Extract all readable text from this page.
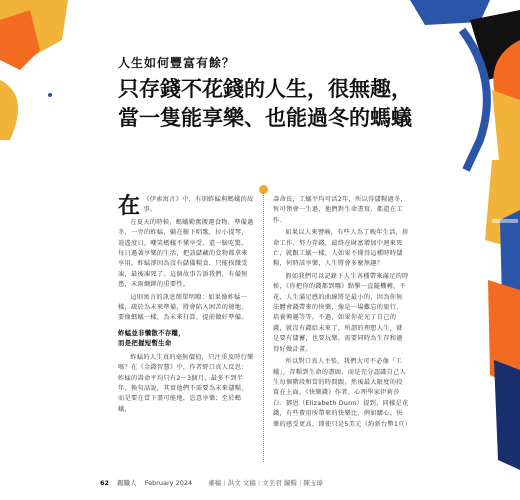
人生如何豐富有餘？
只存錢不花錢的人生，很無趣，
當一隻能享樂、也能過冬的螞蟻

在 《伊索寓言》中，有則蚱蜢與螞蟻的故事。

在夏天的時候，螞蟻勤奮搬運食物，準備過冬，一旁的蚱蜢，躺在樹下唱歌，拉小提琴，逍遙度日，嘲笑螞蟻不懂享受、還一臉吃驚，每日過著享樂的生活，把該儲藏的食物都拿來享用，蚱蜢卻因為沒有儲備糧食，只能挨餓受凍，最後凍死了。這個故事告訴我們，有備無患，未雨綢繆的重要性。

這則寓言的訊息簡單明瞭：如果像蚱蜢一樣，疏於為未來準備，將會陷入困苦的境地，要像螞蟻一樣，為未來打算，提前做好準備。

蚱蜢並非懶散不存糧，

而是把握短暫生命

蚱蜢的人生真的毫無價值，只注重及時行樂嗎？在《金錢智慧》中，作者野口真人反思：蚱蜢的壽命平均只有2～3個月，最多不到半年，換句話說，其實他們不需要為未來儲糧，而是要在當下盡可能地，恣意享樂；至於螞蟻，

壽命長，工蟻平均可活2年，所以得儲糧過冬，恆可領會一生過，他們對生命書寫，都還在工作。

如果以人來譬喻，有些人為了晚年生活，拚命工作、努力存錢，最終在財富增加中迴來死亡，就跟工蟻一樣，人如果不懂得這種時時儲糧，何時該享樂，人生將會多麼無趣？

假如我們可以記錄下人生各種帶來滿足的時候，《你把你的錢都到哪》點擊一直隨機轉，不花，人生滿足感的曲線將是最小的，因為你無法體會錢帶來的快樂，像是一場難忘的旅行、培養興趣等等。不過，如果你花光了自己的錢，就沒有錢給未來了，所謂的理想人生，就是要有儲蓄，也要玩樂，需要同時為生存和過得好做計畫。

所以對口真人主張，我們大可不必像「工蟻」，存糧到生命的盡頭，而是充分認識自己人生每個階段和當的時間跟，然後最大限度的投資在上面。《快樂錢》作者、心理學家伊莉莎白．鄧恩（Elizabeth Dunn）提到，同樣是花錢，有些費用所帶來的快樂比，例如購心、快樂的感受更高，即使只是5美元（約新台幣1頁）

62 親職人 February 2024 審稿｜洪文 文稿｜文美君 編輯｜陳玉瑋
